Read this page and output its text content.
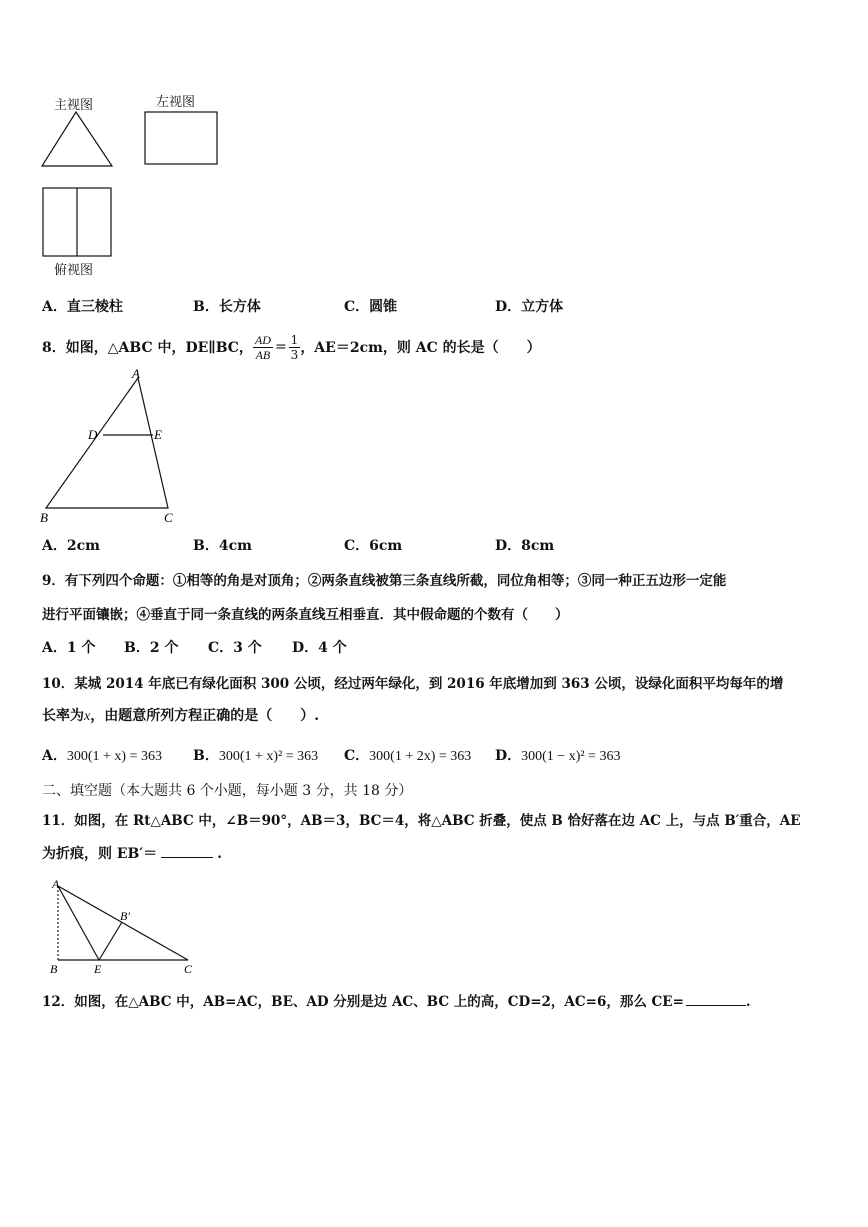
主视图	左视图
俯视图
A．直三棱柱	B．长方体	C．圆锥	D．立方体
8．如图，△ABC 中，DE∥BC， $\frac{AD}{AB} = \frac{1}{3}$ ，AE＝2cm，则 AC 的长是（　　）
A
D	E
B	C
A．2cm	B．4cm	C．6cm	D．8cm
9．有下列四个命题：①相等的角是对顶角；②两条直线被第三条直线所截，同位角相等；③同一种正五边形一定能
进行平面镶嵌；④垂直于同一条直线的两条直线互相垂直．其中假命题的个数有（　　）
A．1 个 B．2 个 C．3 个 D．4 个
10．某城 2014 年底已有绿化面积 300 公顷，经过两年绿化，到 2016 年底增加到 363 公顷，设绿化面积平均每年的增
长率为x，由题意所列方程正确的是（　　）.
A．300(1 + x) = 363 B．300(1 + x)² = 363 C．300(1 + 2x) = 363 D．300(1 − x)² = 363
二、填空题（本大题共 6 个小题，每小题 3 分，共 18 分）
11．如图，在 Rt△ABC 中，∠B＝90°，AB＝3，BC＝4，将△ABC 折叠，使点 B 恰好落在边 AC 上，与点 B′重合，AE
为折痕，则 EB′＝	.
A
B	E	C
B′
12．如图，在△ABC 中，AB=AC，BE、AD 分别是边 AC、BC 上的高，CD=2，AC=6，那么 CE=	.
